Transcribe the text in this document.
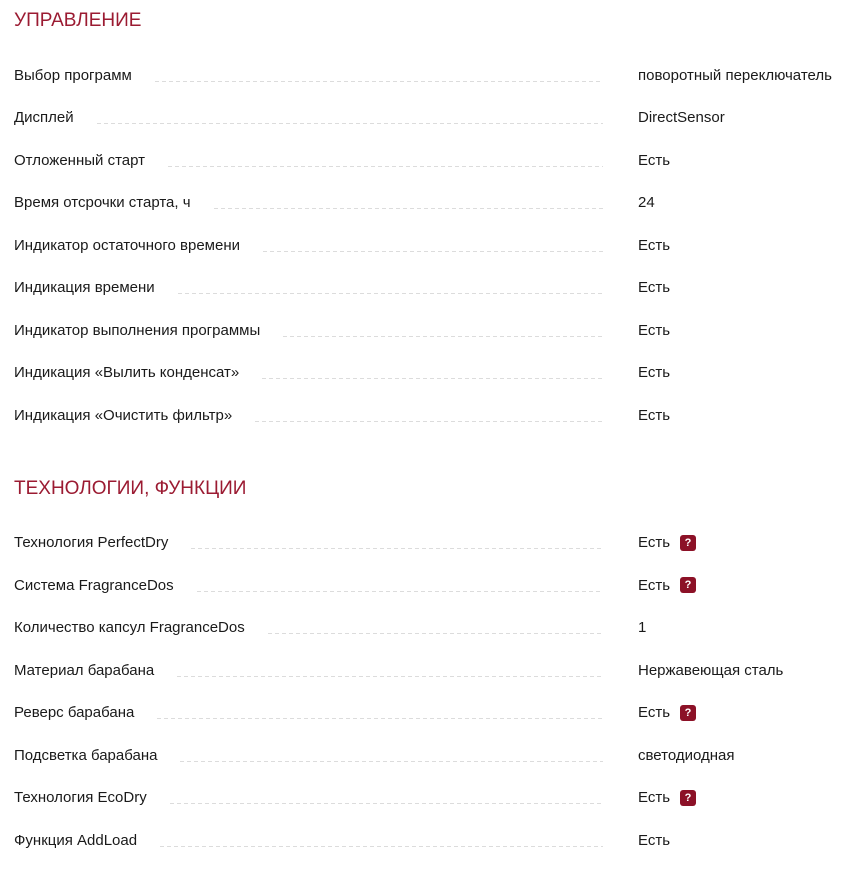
УПРАВЛЕНИЕ
Выбор программ	поворотный переключатель
Дисплей	DirectSensor
Отложенный старт	Есть
Время отсрочки старта, ч	24
Индикатор остаточного времени	Есть
Индикация времени	Есть
Индикатор выполнения программы	Есть
Индикация «Вылить конденсат»	Есть
Индикация «Очистить фильтр»	Есть
ТЕХНОЛОГИИ, ФУНКЦИИ
Технология PerfectDry	Есть	?
Система FragranceDos	Есть	?
Количество капсул FragranceDos	1
Материал барабана	Нержавеющая сталь
Реверс барабана	Есть	?
Подсветка барабана	светодиодная
Технология EcoDry	Есть	?
Функция AddLoad	Есть
